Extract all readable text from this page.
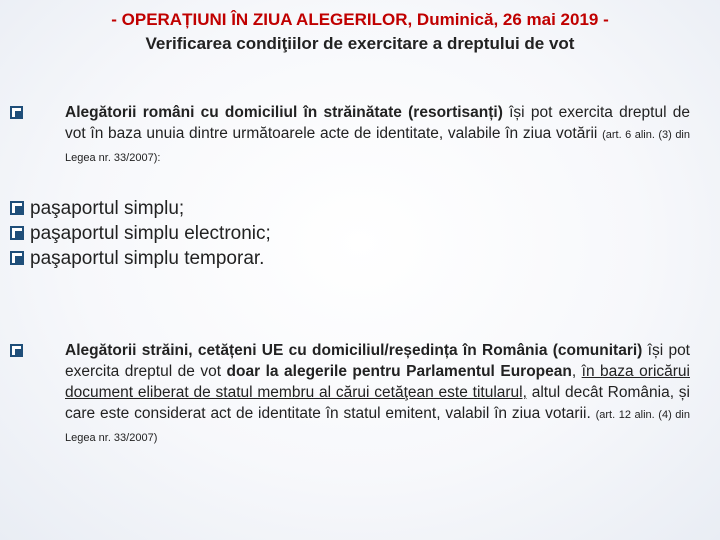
- OPERAȚIUNI ÎN ZIUA ALEGERILOR, Duminică, 26 mai 2019 -
Verificarea condiţiilor de exercitare a dreptului de vot
Alegătorii români cu domiciliul în străinătate (resortisanți) își pot exercita dreptul de vot în baza unuia dintre următoarele acte de identitate, valabile în ziua votării (art. 6 alin. (3) din Legea nr. 33/2007):
paşaportul simplu;
paşaportul simplu electronic;
paşaportul simplu temporar.
Alegătorii străini, cetățeni UE cu domiciliul/reședința în România (comunitari) își pot exercita dreptul de vot doar la alegerile pentru Parlamentul European, în baza oricărui document eliberat de statul membru al cărui cetăţean este titularul, altul decât România, și care este considerat act de identitate în statul emitent, valabil în ziua votarii. (art. 12 alin. (4) din Legea nr. 33/2007)
